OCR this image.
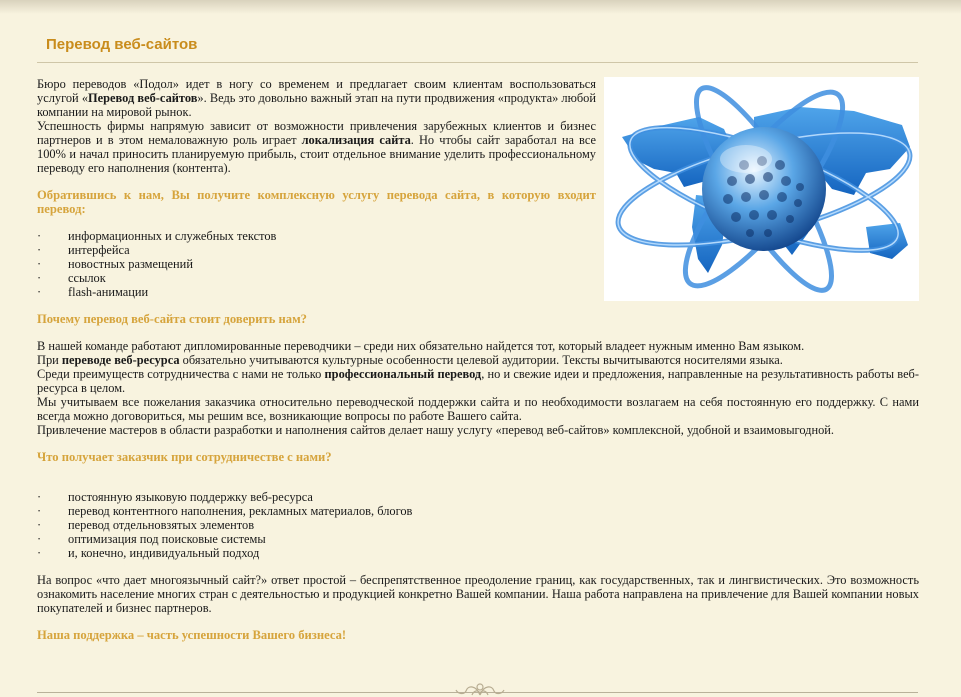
Перевод веб-сайтов

Бюро переводов «Подол» идет в ногу со временем и предлагает своим клиентам воспользоваться услугой «Перевод веб-сайтов». Ведь это довольно важный этап на пути продвижения «продукта» любой компании на мировой рынок.

Успешность фирмы напрямую зависит от возможности привлечения зарубежных клиентов и бизнес партнеров и в этом немаловажную роль играет локализация сайта. Но чтобы сайт заработал на все 100% и начал приносить планируемую прибыль, стоит отдельное внимание уделить профессиональному переводу его наполнения (контента).

Обратившись к нам, Вы получите комплексную услугу перевода сайта, в которую входит перевод:

· информационных и служебных текстов
· интерфейса
· новостных размещений
· ссылок
· flash-анимации

Почему перевод веб-сайта стоит доверить нам?

В нашей команде работают дипломированные переводчики – среди них обязательно найдется тот, который владеет нужным именно Вам языком.

При переводе веб-ресурса обязательно учитываются культурные особенности целевой аудитории. Тексты вычитываются носителями языка.

Среди преимуществ сотрудничества с нами не только профессиональный перевод, но и свежие идеи и предложения, направленные на результативность работы веб-ресурса в целом.

Мы учитываем все пожелания заказчика относительно переводческой поддержки сайта и по необходимости возлагаем на себя постоянную его поддержку. С нами всегда можно договориться, мы решим все, возникающие вопросы по работе Вашего сайта.

Привлечение мастеров в области разработки и наполнения сайтов делает нашу услугу «перевод веб-сайтов» комплексной, удобной и взаимовыгодной.

Что получает заказчик при сотрудничестве с нами?

· постоянную языковую поддержку веб-ресурса
· перевод контентного наполнения, рекламных материалов, блогов
· перевод отдельновзятых элементов
· оптимизация под поисковые системы
· и, конечно, индивидуальный подход

На вопрос «что дает многоязычный сайт?» ответ простой – беспрепятственное преодоление границ, как государственных, так и лингвистических. Это возможность ознакомить население многих стран с деятельностью и продукцией конкретно Вашей компании. Наша работа направлена на привлечение для Вашей компании новых покупателей и бизнес партнеров.

Наша поддержка – часть успешности Вашего бизнеса!
